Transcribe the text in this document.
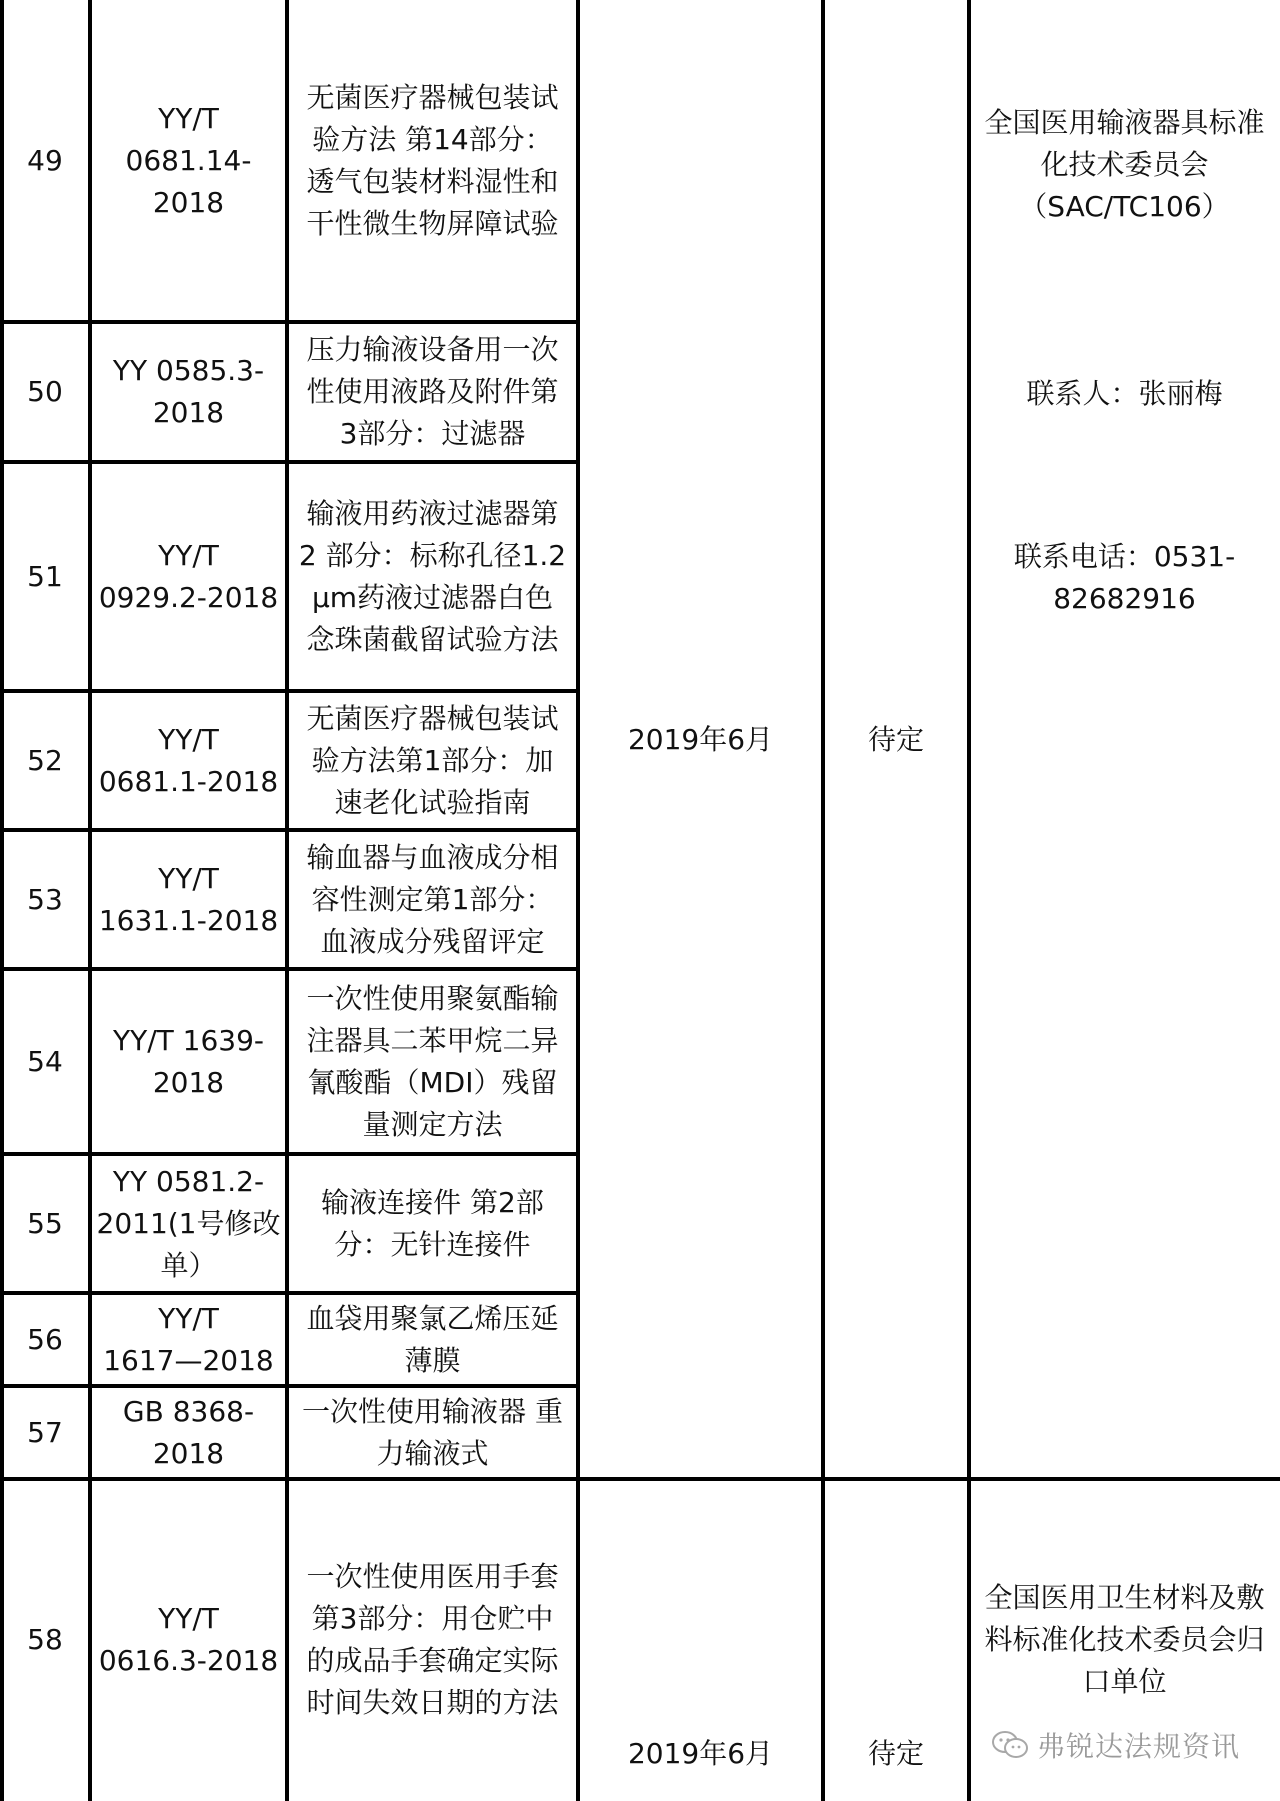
49
50
51
52
53
54
55
56
57
58
YY/T
0681.14-
2018
YY 0585.3-
2018
YY/T
0929.2-2018
YY/T
0681.1-2018
YY/T
1631.1-2018
YY/T 1639-
2018
YY 0581.2-
2011(1号修改
单）
YY/T
1617—2018
GB 8368-
2018
YY/T
0616.3-2018
无菌医疗器械包装试
验方法 第14部分：
透气包装材料湿性和
干性微生物屏障试验
压力输液设备用一次
性使用液路及附件第
3部分：过滤器
输液用药液过滤器第
2 部分：标称孔径1.2
μm药液过滤器白色
念珠菌截留试验方法
无菌医疗器械包装试
验方法第1部分：加
速老化试验指南
输血器与血液成分相
容性测定第1部分：
血液成分残留评定
一次性使用聚氨酯输
注器具二苯甲烷二异
氰酸酯（MDI）残留
量测定方法
输液连接件 第2部
分：无针连接件
血袋用聚氯乙烯压延
薄膜
一次性使用输液器 重
力输液式
一次性使用医用手套
第3部分：用仓贮中
的成品手套确定实际
时间失效日期的方法
2019年6月	待定
全国医用输液器具标准
化技术委员会
（SAC/TC106）
联系人：张丽梅
联系电话：0531-
82682916
2019年6月	待定
全国医用卫生材料及敷
料标准化技术委员会归
口单位
弗锐达法规资讯
